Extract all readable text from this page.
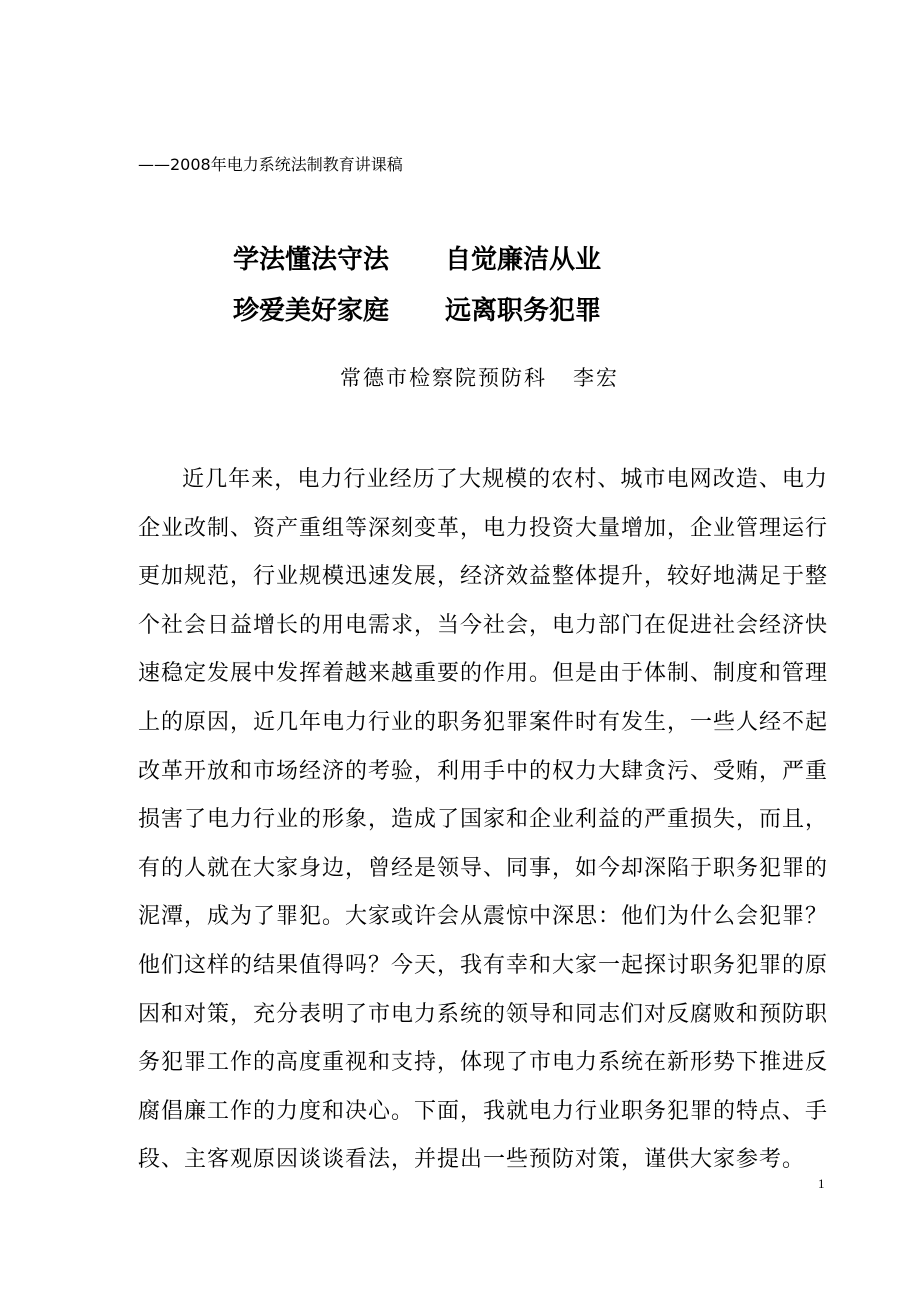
——2008年电力系统法制教育讲课稿
学法懂法守法 自觉廉洁从业
珍爱美好家庭 远离职务犯罪
常德市检察院预防科 李宏

近几年来，电力行业经历了大规模的农村、城市电网改造、电力企业改制、资产重组等深刻变革，电力投资大量增加，企业管理运行更加规范，行业规模迅速发展，经济效益整体提升，较好地满足于整个社会日益增长的用电需求，当今社会，电力部门在促进社会经济快速稳定发展中发挥着越来越重要的作用。但是由于体制、制度和管理上的原因，近几年电力行业的职务犯罪案件时有发生，一些人经不起改革开放和市场经济的考验，利用手中的权力大肆贪污、受贿，严重损害了电力行业的形象，造成了国家和企业利益的严重损失，而且，有的人就在大家身边，曾经是领导、同事，如今却深陷于职务犯罪的泥潭，成为了罪犯。大家或许会从震惊中深思：他们为什么会犯罪？他们这样的结果值得吗？今天，我有幸和大家一起探讨职务犯罪的原因和对策，充分表明了市电力系统的领导和同志们对反腐败和预防职务犯罪工作的高度重视和支持，体现了市电力系统在新形势下推进反腐倡廉工作的力度和决心。下面，我就电力行业职务犯罪的特点、手段、主客观原因谈谈看法，并提出一些预防对策，谨供大家参考。

1
